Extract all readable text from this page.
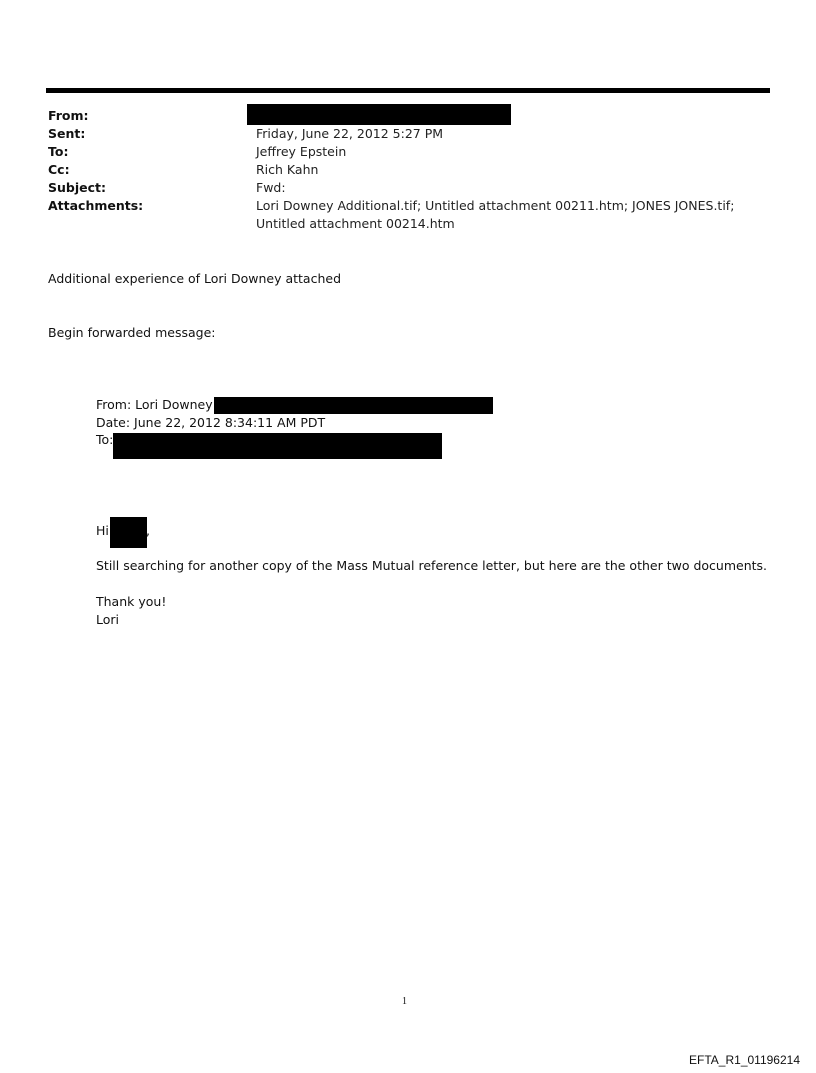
From:
Sent:	Friday, June 22, 2012 5:27 PM
To:	Jeffrey Epstein
Cc:	Rich Kahn
Subject:	Fwd:
Attachments:	Lori Downey Additional.tif; Untitled attachment 00211.htm; JONES JONES.tif; Untitled attachment 00214.htm
Additional experience of Lori Downey attached
Begin forwarded message:
From: Lori Downey
Date: June 22, 2012 8:34:11 AM PDT
To:
Hi	,
Still searching for another copy of the Mass Mutual reference letter, but here are the other two documents.
Thank you!
Lori
1
EFTA_R1_01196214
